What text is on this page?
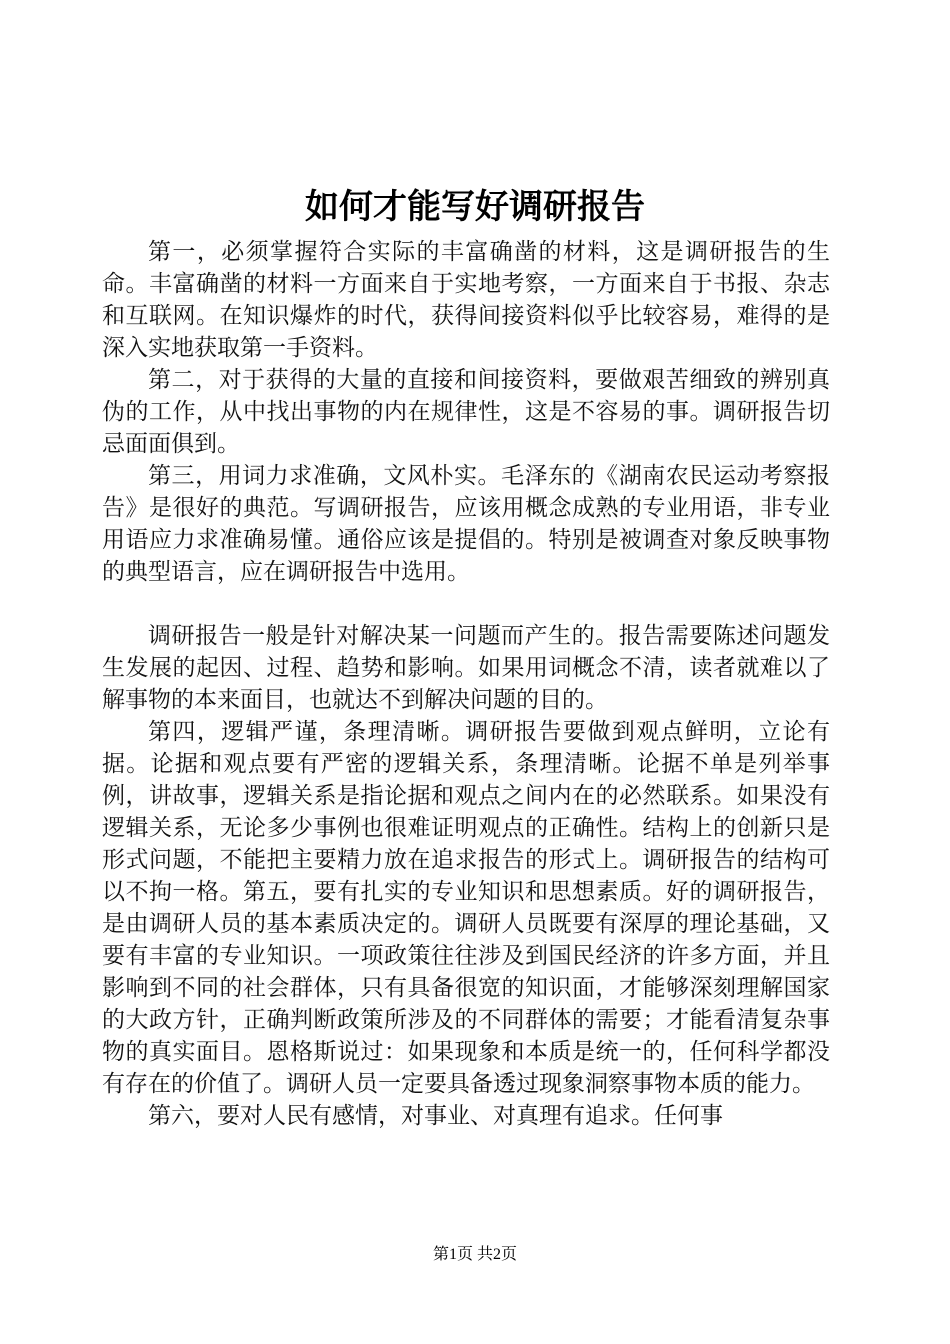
如何才能写好调研报告

第一，必须掌握符合实际的丰富确凿的材料，这是调研报告的生命。丰富确凿的材料一方面来自于实地考察，一方面来自于书报、杂志和互联网。在知识爆炸的时代，获得间接资料似乎比较容易，难得的是深入实地获取第一手资料。

第二，对于获得的大量的直接和间接资料，要做艰苦细致的辨别真伪的工作，从中找出事物的内在规律性，这是不容易的事。调研报告切忌面面俱到。

第三，用词力求准确，文风朴实。毛泽东的《湖南农民运动考察报告》是很好的典范。写调研报告，应该用概念成熟的专业用语，非专业用语应力求准确易懂。通俗应该是提倡的。特别是被调查对象反映事物的典型语言，应在调研报告中选用。

调研报告一般是针对解决某一问题而产生的。报告需要陈述问题发生发展的起因、过程、趋势和影响。如果用词概念不清，读者就难以了解事物的本来面目，也就达不到解决问题的目的。

第四，逻辑严谨，条理清晰。调研报告要做到观点鲜明，立论有据。论据和观点要有严密的逻辑关系，条理清晰。论据不单是列举事例，讲故事，逻辑关系是指论据和观点之间内在的必然联系。如果没有逻辑关系，无论多少事例也很难证明观点的正确性。结构上的创新只是形式问题，不能把主要精力放在追求报告的形式上。调研报告的结构可以不拘一格。第五，要有扎实的专业知识和思想素质。好的调研报告，是由调研人员的基本素质决定的。调研人员既要有深厚的理论基础，又要有丰富的专业知识。一项政策往往涉及到国民经济的许多方面，并且影响到不同的社会群体，只有具备很宽的知识面，才能够深刻理解国家的大政方针，正确判断政策所涉及的不同群体的需要；才能看清复杂事物的真实面目。恩格斯说过：如果现象和本质是统一的，任何科学都没有存在的价值了。调研人员一定要具备透过现象洞察事物本质的能力。

第六，要对人民有感情，对事业、对真理有追求。任何事

第1页 共2页
